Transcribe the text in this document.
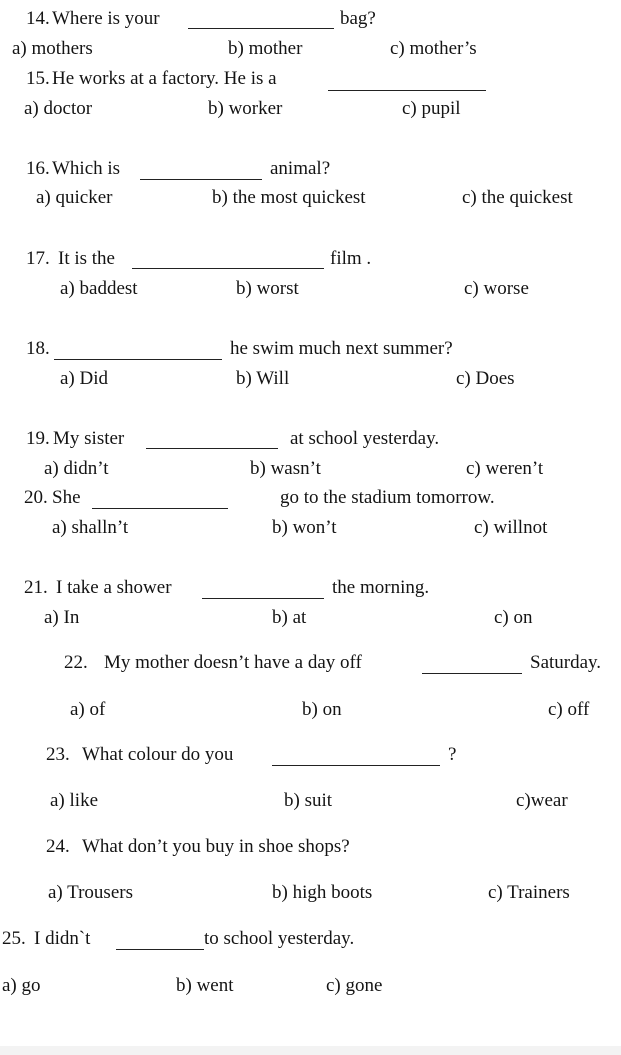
14. Where is your	bag?
a) mothers	b) mother	c) mother’s
15. He works at a factory. He is a
a) doctor	b) worker	c) pupil
16. Which is	animal?
a) quicker	b) the most quickest	c) the quickest
17. It is the	film .
a) baddest	b) worst	c) worse
18.	he swim much next summer?
a) Did	b) Will	c) Does
19. My sister	at school yesterday.
a) didn’t	b) wasn’t	c) weren’t
20. She	go to the stadium tomorrow.
a) shalln’t	b) won’t	c) willnot
21. I take a shower	the morning.
a) In	b) at	c) on
22. My mother doesn’t have a day off	Saturday.
a) of	b) on	c) off
23. What colour do you	?
a) like	b) suit	c)wear
24. What don’t you buy in shoe shops?
a) Trousers	b) high boots	c) Trainers
25. I didn`t	to school yesterday.
a) go	b) went	c) gone
